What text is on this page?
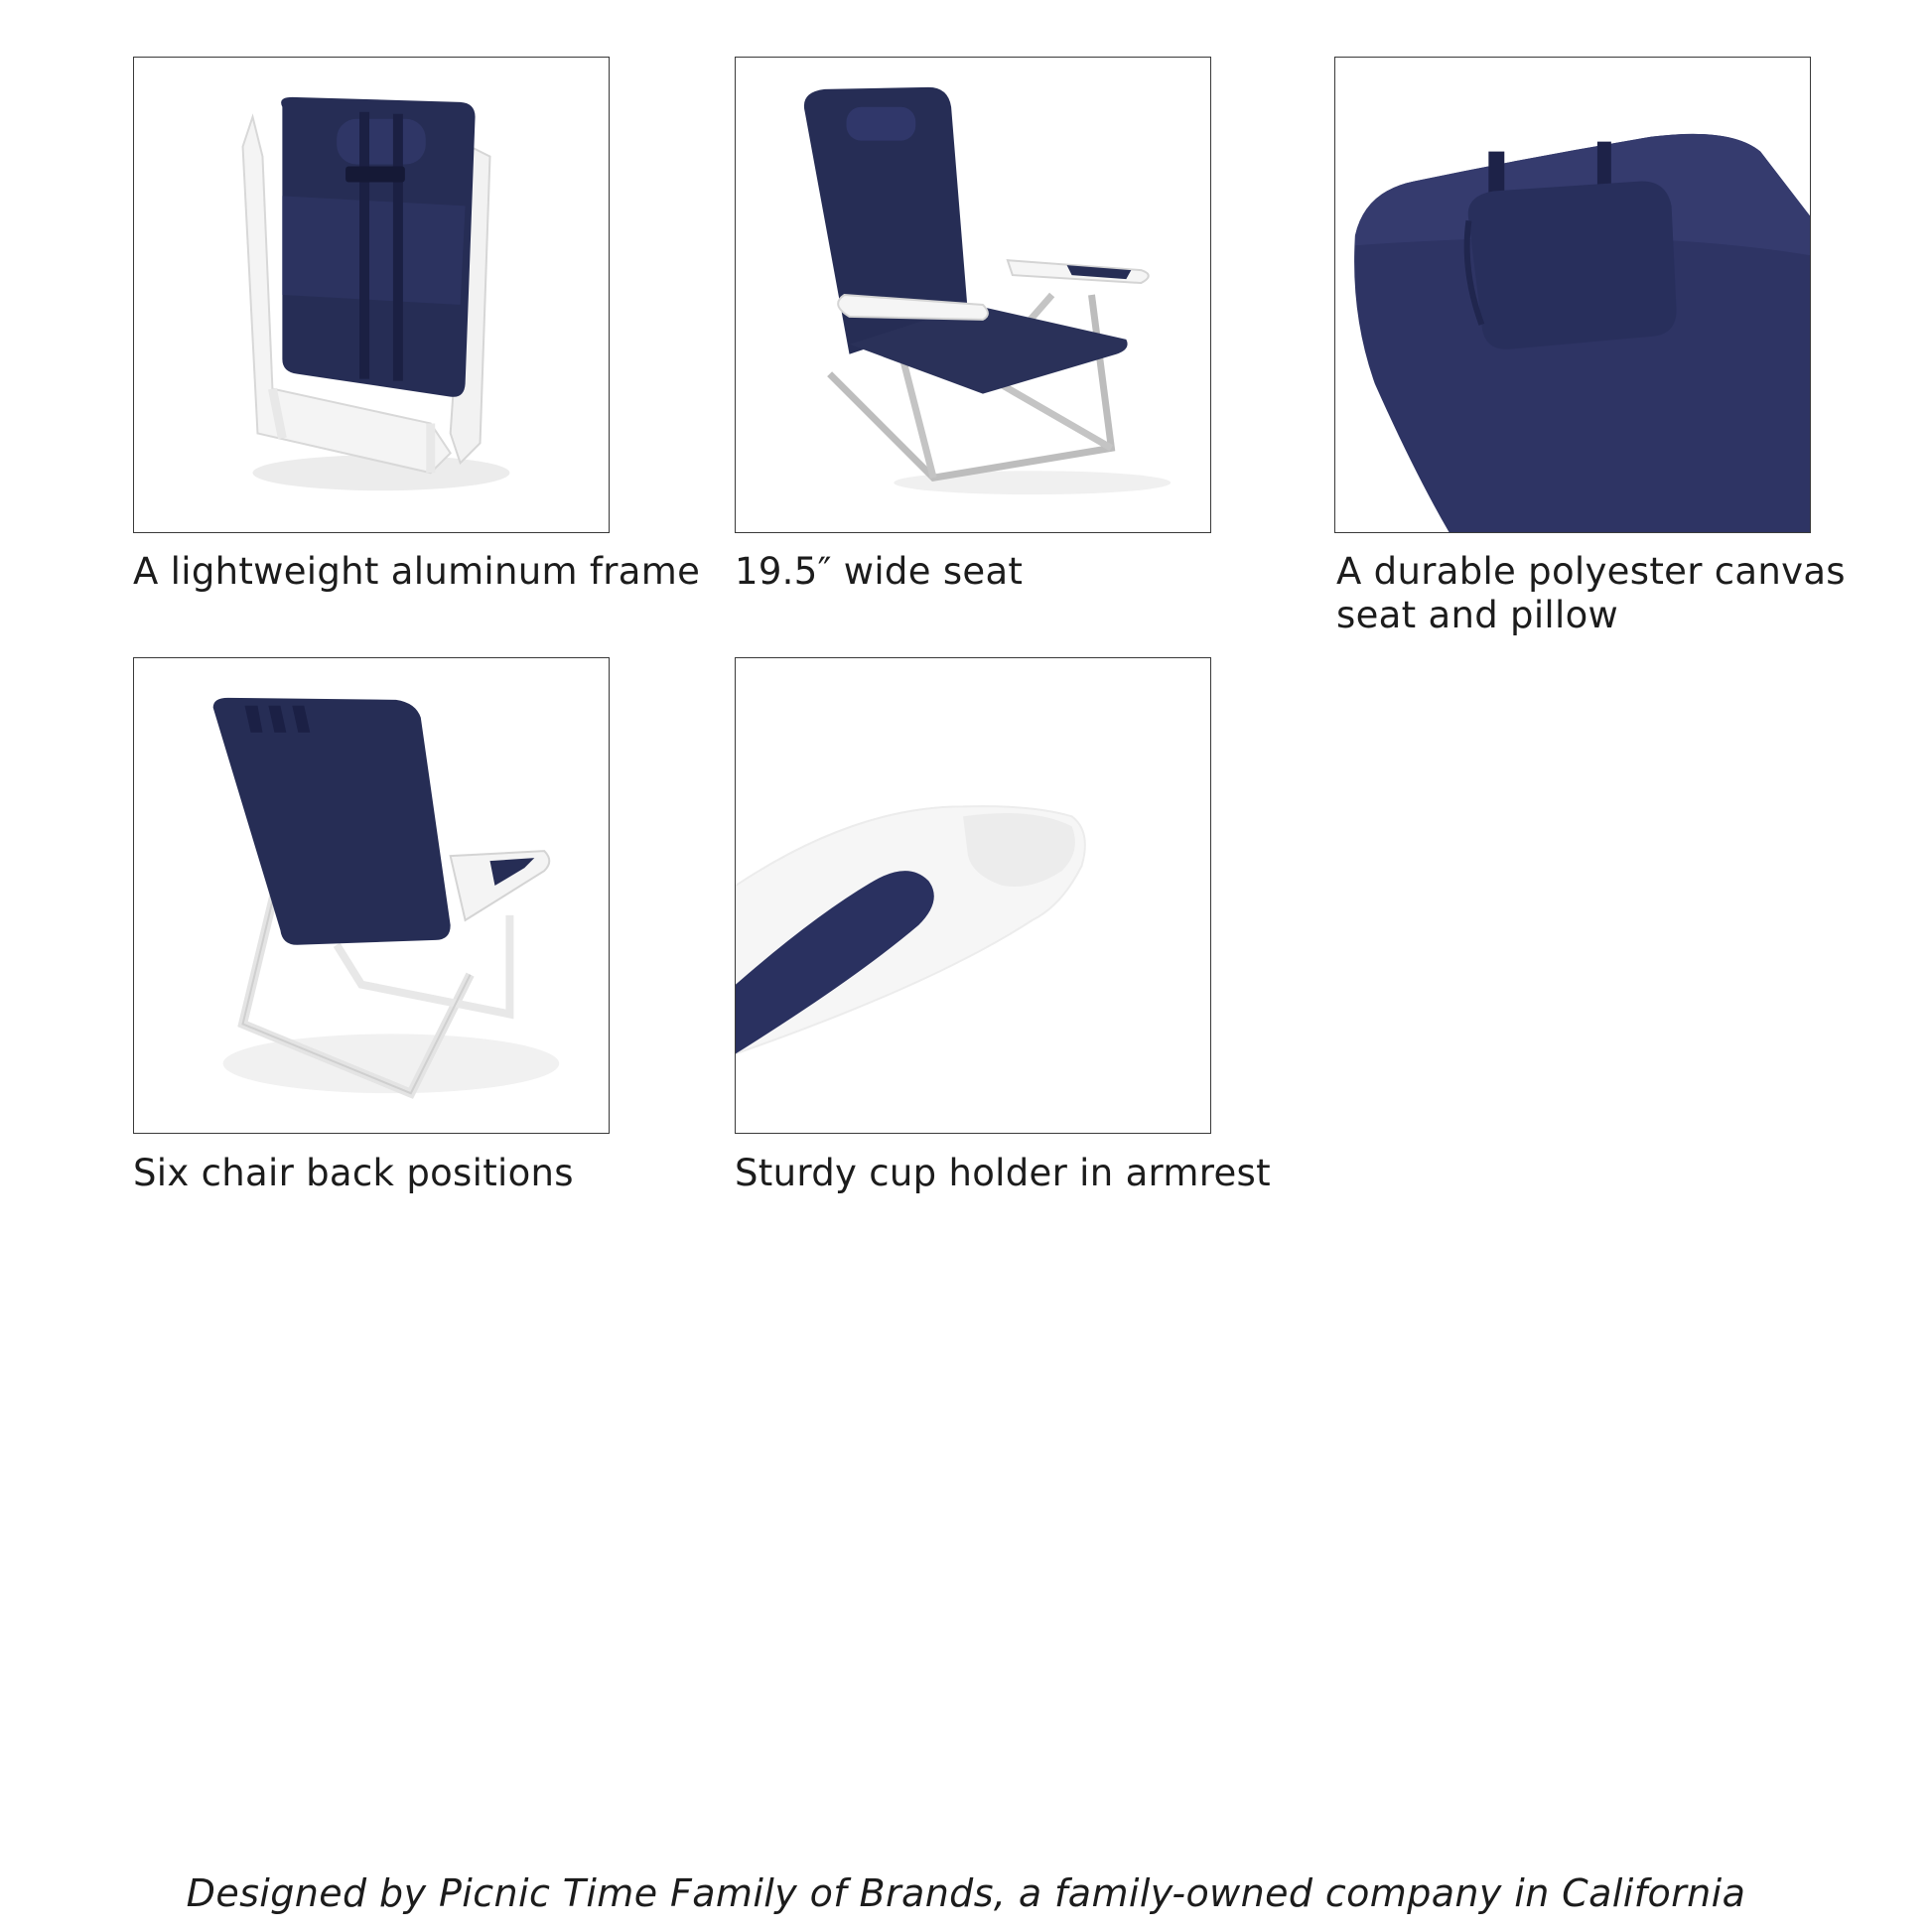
A lightweight aluminum frame 19.5″ wide seat	A durable polyester canvas
seat and pillow
Six chair back positions	Sturdy cup holder in armrest
Designed by Picnic Time Family of Brands, a family-owned company in California
